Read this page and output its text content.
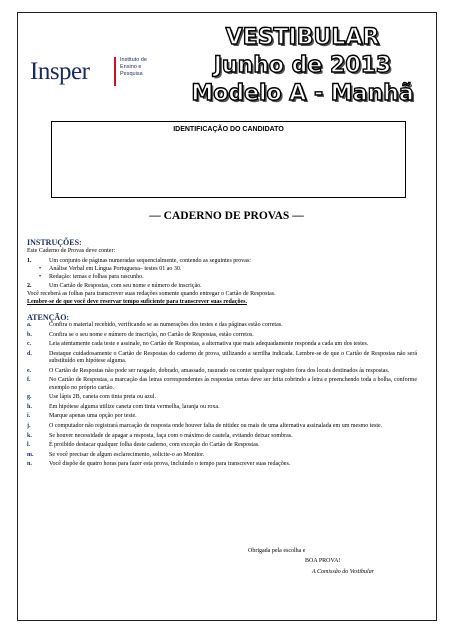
Insper	Instituto de Ensino e Pesquisa
VESTIBULAR
Junho de 2013
Modelo A - Manhã
IDENTIFICAÇÃO DO CANDIDATO
— CADERNO DE PROVAS —
INSTRUÇÕES:
Este Caderno de Provas deve conter:
1.	Um conjunto de páginas numeradas sequencialmente, contendo as seguintes provas:
• Análise Verbal em Língua Portuguesa– testes 01 ao 30.
• Redação: temas e folhas para rascunho.
2.	Um Cartão de Respostas, com seu nome e número de inscrição.
Você receberá as folhas para transcrever suas redações somente quando entregar o Cartão de Respostas.
Lembre-se de que você deve reservar tempo suficiente para transcrever suas redações.
ATENÇÃO:
a.	Confira o material recebido, verificando se as numerações dos testes e das páginas estão corretas.
b.	Confira se o seu nome e número de inscrição, no Cartão de Respostas, estão corretos.
c.	Leia atentamente cada teste e assinale, no Cartão de Respostas, a alternativa que mais adequadamente responda a cada um dos testes.
d.	Destaque cuidadosamente o Cartão de Respostas do caderno de prova, utilizando a serrilha indicada. Lembre-se de que o Cartão de Respostas não será substituído em hipótese alguma.
e.	O Cartão de Respostas não pode ser rasgado, dobrado, amassado, rasurado ou conter qualquer registro fora dos locais destinados às respostas.
f.	No Cartão de Respostas, a marcação das letras correspondentes às respostas certas deve ser feita cobrindo a letra e preenchendo toda a bolha, conforme exemplo no próprio cartão.
g.	Use lápis 2B, caneta com tinta preta ou azul.
h.	Em hipótese alguma utilize caneta com tinta vermelha, laranja ou roxa.
i.	Marque apenas uma opção por teste.
j.	O computador não registrará marcação de resposta onde houver falta de nitidez ou mais de uma alternativa assinalada em um mesmo teste.
k.	Se houver necessidade de apagar a resposta, faça com o máximo de cautela, evitando deixar sombras.
l.	É proibido destacar qualquer folha deste caderno, com exceção do Cartão de Respostas.
m.	Se você precisar de algum esclarecimento, solicite-o ao Monitor.
n.	Você dispõe de quatro horas para fazer esta prova, incluindo o tempo para transcrever suas redações.
Obrigada pela escolha e
BOA PROVA!
A Comissão do Vestibular
